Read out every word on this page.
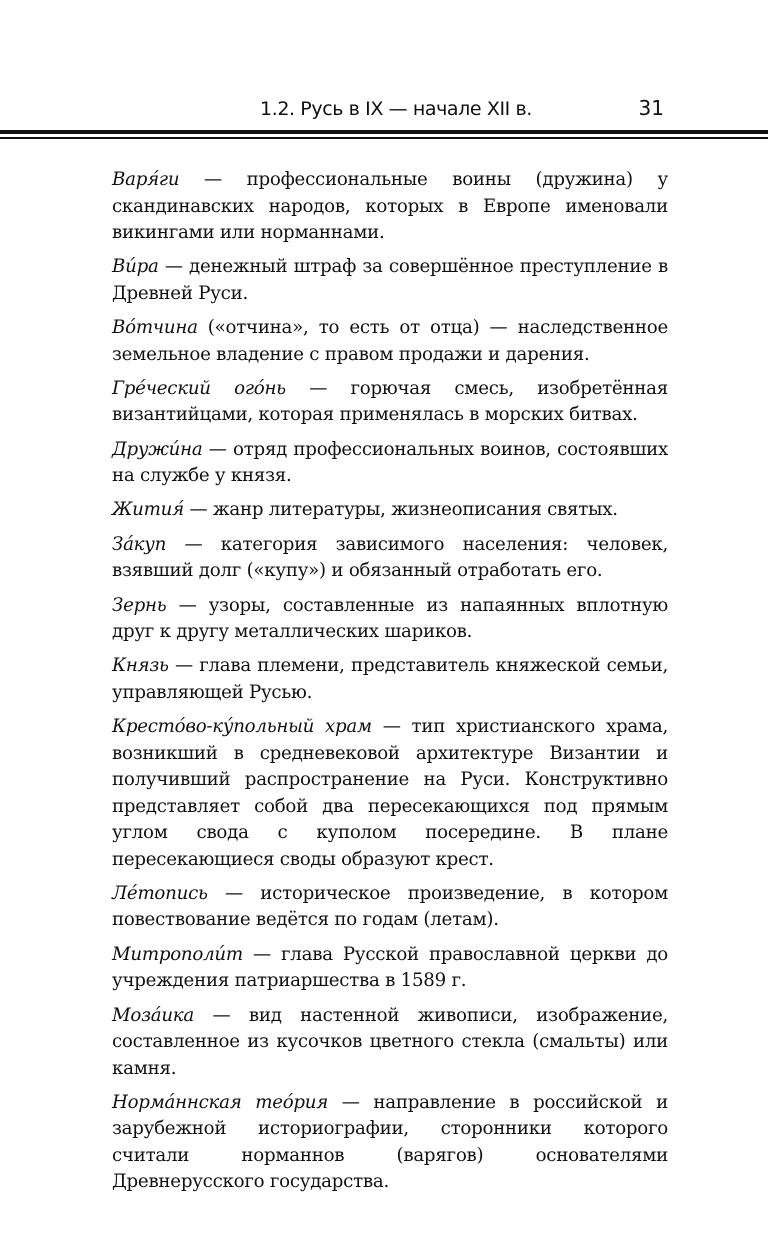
1.2. Русь в IX — начале XII в.	31

Варя́ги — профессиональные воины (дружина) у скандинавских народов, которых в Европе именовали викингами или норманнами.

Ви́ра — денежный штраф за совершённое преступление в Древней Руси.

Во́тчина («отчина», то есть от отца) — наследственное земельное владение с правом продажи и дарения.

Гре́ческий ого́нь — горючая смесь, изобретённая византийцами, которая применялась в морских битвах.

Дружи́на — отряд профессиональных воинов, состоявших на службе у князя.

Жития́ — жанр литературы, жизнеописания святых.

За́куп — категория зависимого населения: человек, взявший долг («купу») и обязанный отработать его.

Зернь — узоры, составленные из напаянных вплотную друг к другу металлических шариков.

Князь — глава племени, представитель княжеской семьи, управляющей Русью.

Кресто́во-ку́польный храм — тип христианского храма, возникший в средневековой архитектуре Византии и получивший распространение на Руси. Конструктивно представляет собой два пересекающихся под прямым углом свода с куполом посередине. В плане пересекающиеся своды образуют крест.

Лéтопись — историческое произведение, в котором повествование ведётся по годам (летам).

Митрополи́т — глава Русской православной церкви до учреждения патриаршества в 1589 г.

Моза́ика — вид настенной живописи, изображение, составленное из кусочков цветного стекла (смальты) или камня.

Норма́ннская тео́рия — направление в российской и зарубежной историографии, сторонники которого считали норманнов (варягов) основателями Древнерусского государства.
